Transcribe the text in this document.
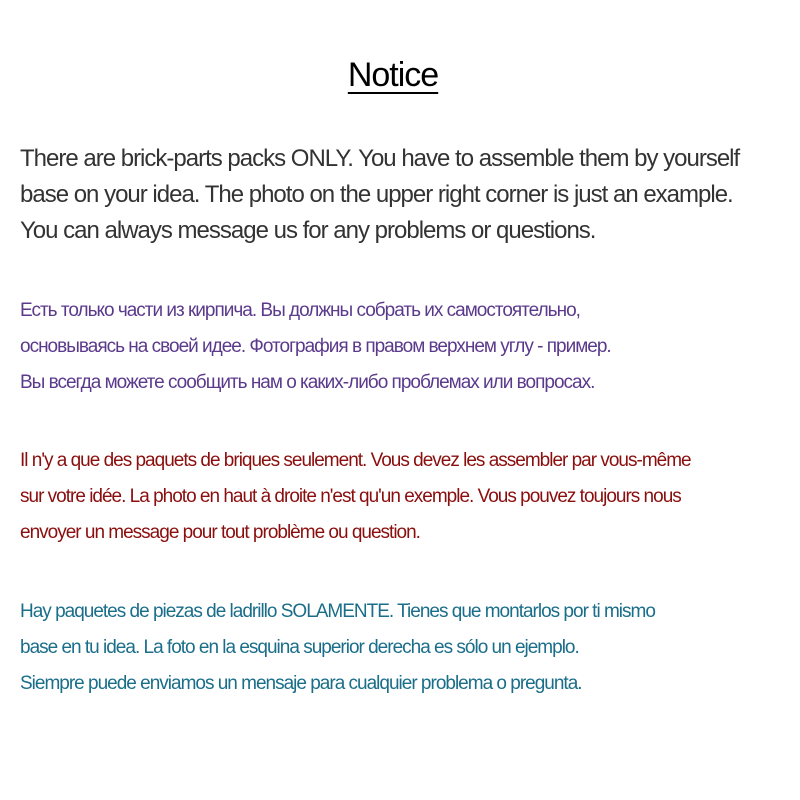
Notice
There are brick-parts packs ONLY. You have to assemble them by yourself
base on your idea. The photo on the upper right corner is just an example.
You can always message us for any problems or questions.
Есть только части из кирпича. Вы должны собрать их самостоятельно,
основываясь на своей идее. Фотография в правом верхнем углу - пример.
Вы всегда можете сообщить нам о каких-либо проблемах или вопросах.
Il n'y a que des paquets de briques seulement. Vous devez les assembler par vous-même
sur votre idée. La photo en haut à droite n'est qu'un exemple. Vous pouvez toujours nous
envoyer un message pour tout problème ou question.
Hay paquetes de piezas de ladrillo SOLAMENTE. Tienes que montarlos por ti mismo
base en tu idea. La foto en la esquina superior derecha es sólo un ejemplo.
Siempre puede enviamos un mensaje para cualquier problema o pregunta.
